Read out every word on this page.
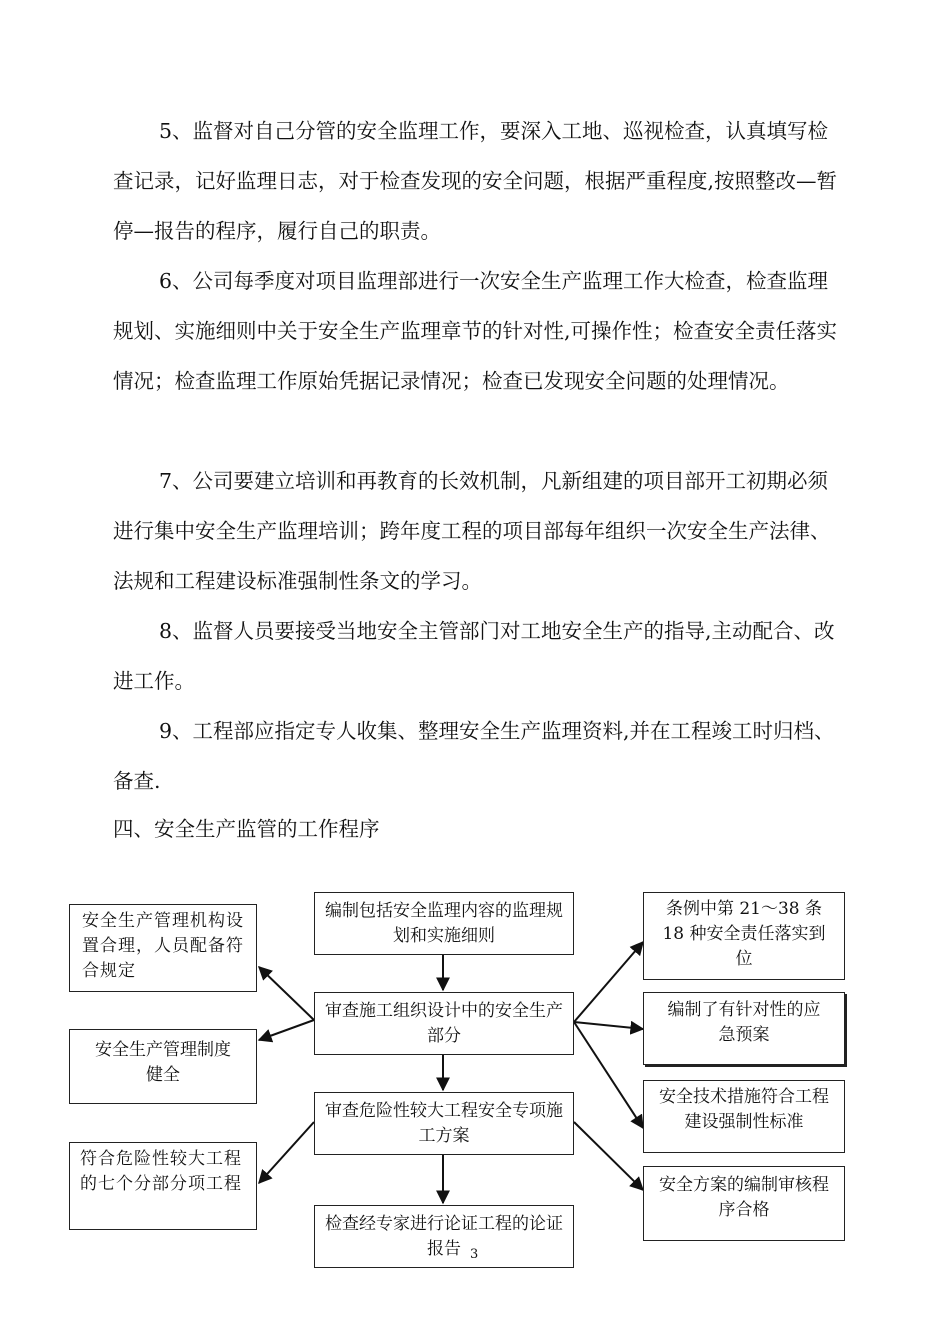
5、监督对自己分管的安全监理工作，要深入工地、巡视检查，认真填写检查记录，记好监理日志，对于检查发现的安全问题，根据严重程度,按照整改—暂停—报告的程序，履行自己的职责。

6、公司每季度对项目监理部进行一次安全生产监理工作大检查，检查监理规划、实施细则中关于安全生产监理章节的针对性,可操作性；检查安全责任落实情况；检查监理工作原始凭据记录情况；检查已发现安全问题的处理情况。

7、公司要建立培训和再教育的长效机制，凡新组建的项目部开工初期必须进行集中安全生产监理培训；跨年度工程的项目部每年组织一次安全生产法律、法规和工程建设标准强制性条文的学习。

8、监督人员要接受当地安全主管部门对工地安全生产的指导,主动配合、改进工作。

9、工程部应指定专人收集、整理安全生产监理资料,并在工程竣工时归档、备查.

四、安全生产监管的工作程序

编制包括安全监理内容的监理规划和实施细则
审查施工组织设计中的安全生产部分
审查危险性较大工程安全专项施工方案
检查经专家进行论证工程的论证报告
安全生产管理机构设置合理，人员配备符合规定
安全生产管理制度健全
符合危险性较大工程的七个分部分项工程
条例中第 21～38 条 18 种安全责任落实到位
编制了有针对性的应急预案
安全技术措施符合工程建设强制性标准
安全方案的编制审核程序合格
3
